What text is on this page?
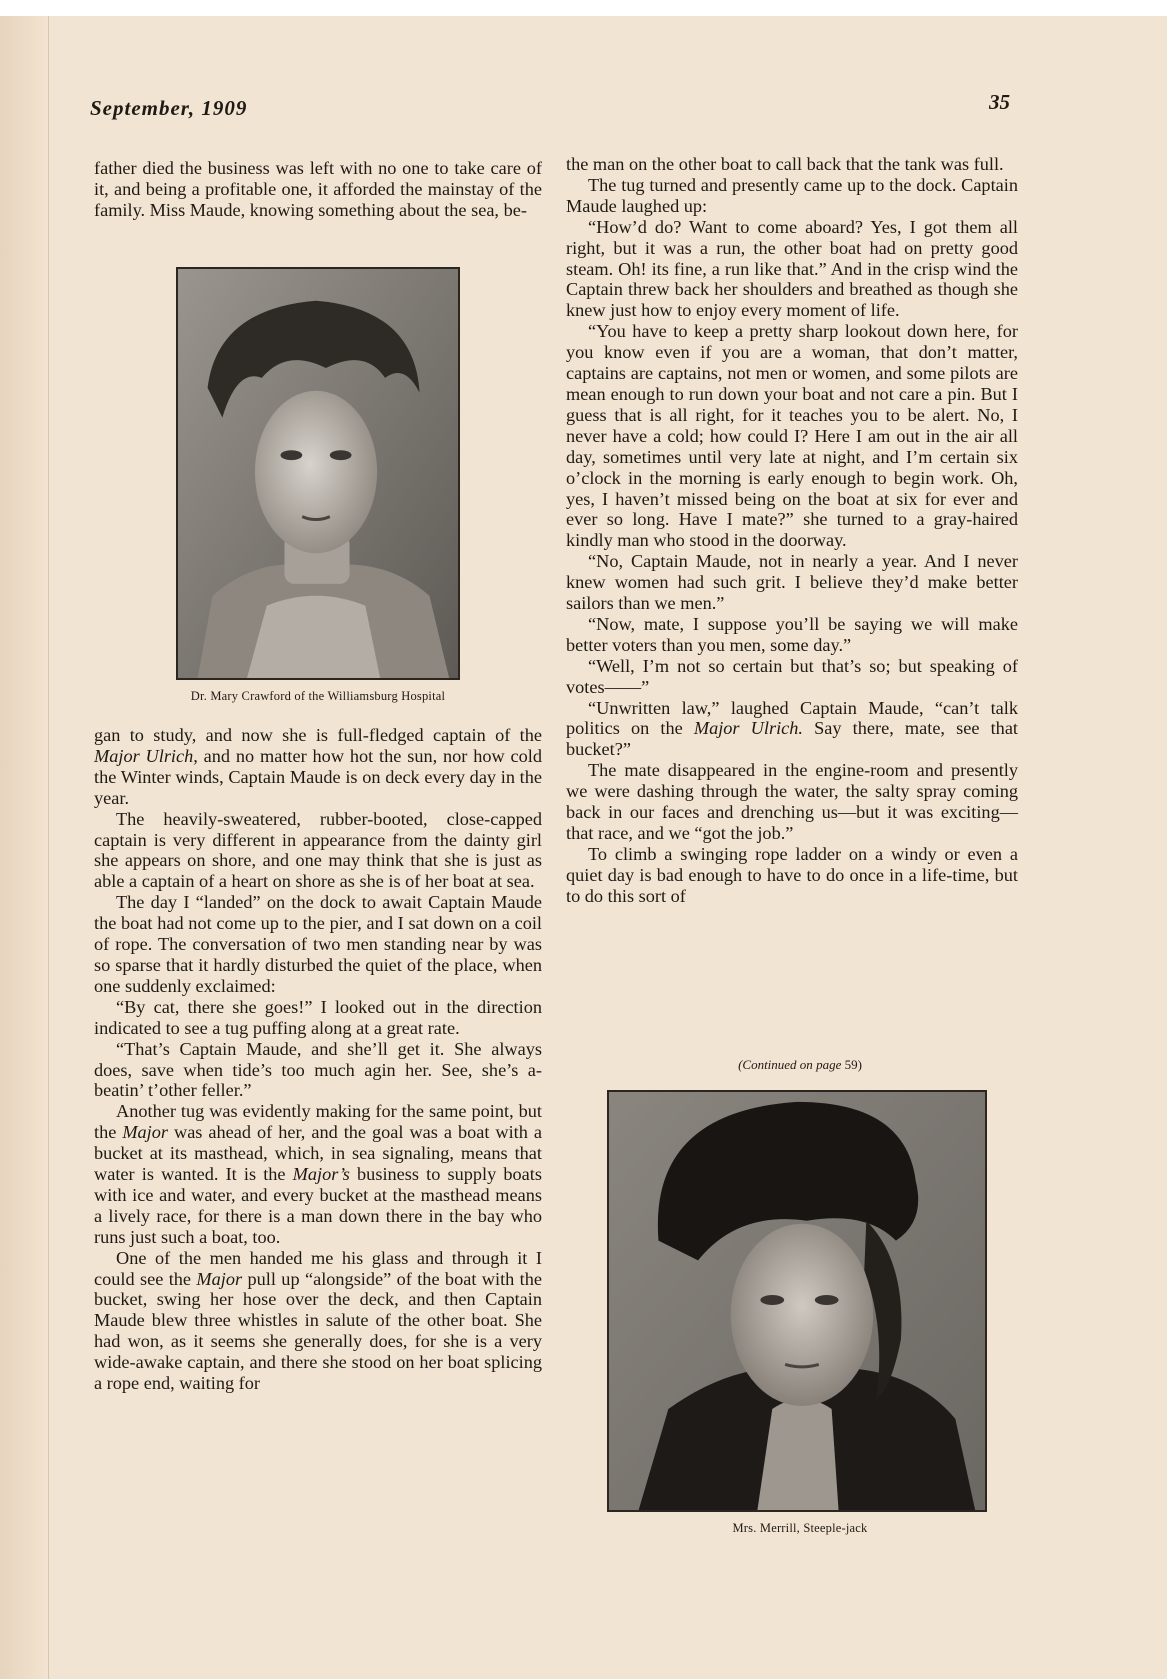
September, 1909	35

father died the business was left with no one to take care of it, and being a profitable one, it afforded the mainstay of the family. Miss Maude, knowing something about the sea, be-

Dr. Mary Crawford of the Williamsburg Hospital

gan to study, and now she is full-fledged captain of the Major Ulrich, and no matter how hot the sun, nor how cold the Winter winds, Captain Maude is on deck every day in the year.

The heavily-sweatered, rubber-booted, close-capped captain is very different in appearance from the dainty girl she appears on shore, and one may think that she is just as able a captain of a heart on shore as she is of her boat at sea.

The day I “landed” on the dock to await Captain Maude the boat had not come up to the pier, and I sat down on a coil of rope. The conversation of two men standing near by was so sparse that it hardly disturbed the quiet of the place, when one suddenly exclaimed:

“By cat, there she goes!” I looked out in the direction indicated to see a tug puffing along at a great rate.

“That’s Captain Maude, and she’ll get it. She always does, save when tide’s too much agin her. See, she’s a-beatin’ t’other feller.”

Another tug was evidently making for the same point, but the Major was ahead of her, and the goal was a boat with a bucket at its masthead, which, in sea signaling, means that water is wanted. It is the Major’s business to supply boats with ice and water, and every bucket at the masthead means a lively race, for there is a man down there in the bay who runs just such a boat, too.

One of the men handed me his glass and through it I could see the Major pull up “alongside” of the boat with the bucket, swing her hose over the deck, and then Captain Maude blew three whistles in salute of the other boat. She had won, as it seems she generally does, for she is a very wide-awake captain, and there she stood on her boat splicing a rope end, waiting for

the man on the other boat to call back that the tank was full.

The tug turned and presently came up to the dock. Captain Maude laughed up:

“How’d do? Want to come aboard? Yes, I got them all right, but it was a run, the other boat had on pretty good steam. Oh! its fine, a run like that.” And in the crisp wind the Captain threw back her shoulders and breathed as though she knew just how to enjoy every moment of life.

“You have to keep a pretty sharp lookout down here, for you know even if you are a woman, that don’t matter, captains are captains, not men or women, and some pilots are mean enough to run down your boat and not care a pin. But I guess that is all right, for it teaches you to be alert. No, I never have a cold; how could I? Here I am out in the air all day, sometimes until very late at night, and I’m certain six o’clock in the morning is early enough to begin work. Oh, yes, I haven’t missed being on the boat at six for ever and ever so long. Have I mate?” she turned to a gray-haired kindly man who stood in the doorway.

“No, Captain Maude, not in nearly a year. And I never knew women had such grit. I believe they’d make better sailors than we men.”

“Now, mate, I suppose you’ll be saying we will make better voters than you men, some day.”

“Well, I’m not so certain but that’s so; but speaking of votes——”

“Unwritten law,” laughed Captain Maude, “can’t talk politics on the Major Ulrich. Say there, mate, see that bucket?”

The mate disappeared in the engine-room and presently we were dashing through the water, the salty spray coming back in our faces and drenching us—but it was exciting—that race, and we “got the job.”

To climb a swinging rope ladder on a windy or even a quiet day is bad enough to have to do once in a life-time, but to do this sort of

(Continued on page 59)
Mrs. Merrill, Steeple-jack
